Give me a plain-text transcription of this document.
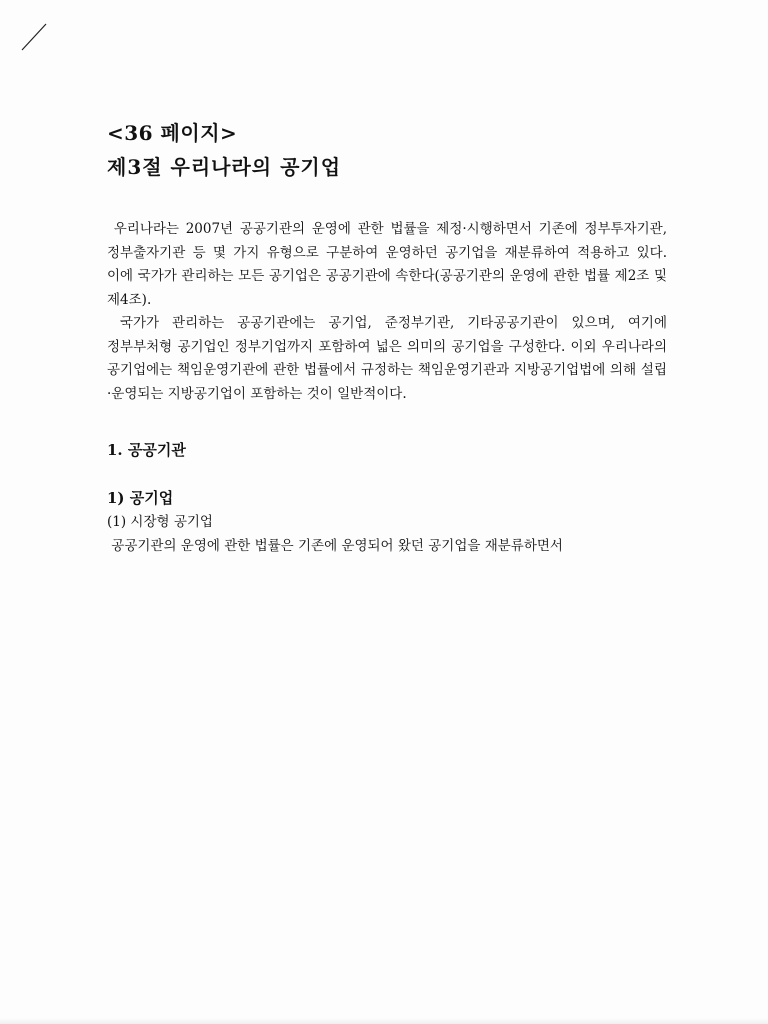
<36 페이지>
제3절 우리나라의 공기업

우리나라는 2007년 공공기관의 운영에 관한 법률을 제정·시행하면서 기존에 정부투자기관, 정부출자기관 등 몇 가지 유형으로 구분하여 운영하던 공기업을 재분류하여 적용하고 있다. 이에 국가가 관리하는 모든 공기업은 공공기관에 속한다(공공기관의 운영에 관한 법률 제2조 및 제4조).

국가가 관리하는 공공기관에는 공기업, 준정부기관, 기타공공기관이 있으며, 여기에 정부부처형 공기업인 정부기업까지 포함하여 넓은 의미의 공기업을 구성한다. 이외 우리나라의 공기업에는 책임운영기관에 관한 법률에서 규정하는 책임운영기관과 지방공기업법에 의해 설립·운영되는 지방공기업이 포함하는 것이 일반적이다.

1. 공공기관
1) 공기업
(1) 시장형 공기업

공공기관의 운영에 관한 법률은 기존에 운영되어 왔던 공기업을 재분류하면서
